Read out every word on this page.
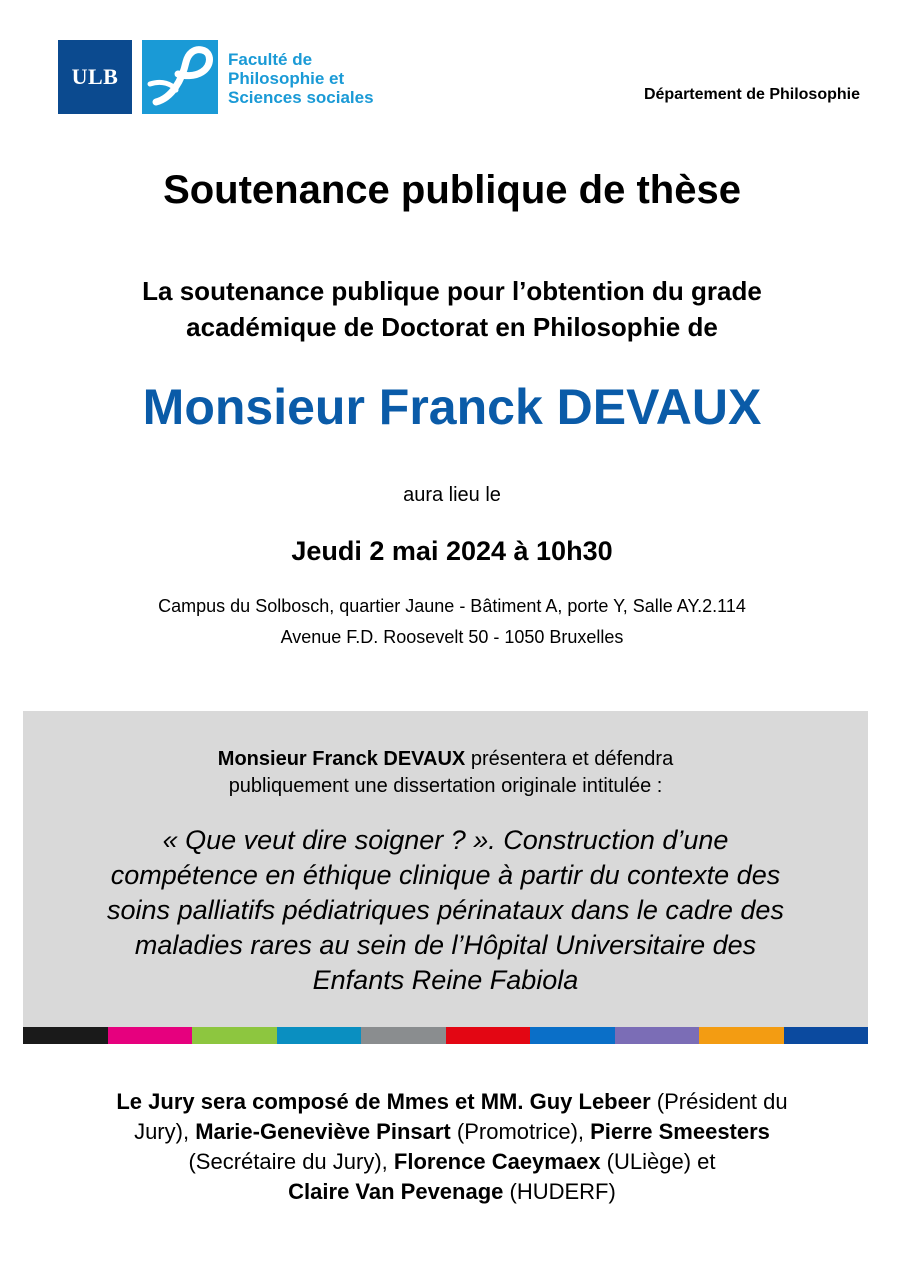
ULB
Faculté de
Philosophie et
Sciences sociales	Département de Philosophie
Soutenance publique de thèse
La soutenance publique pour l’obtention du grade
académique de Doctorat en Philosophie de
Monsieur Franck DEVAUX
aura lieu le
Jeudi 2 mai 2024 à 10h30
Campus du Solbosch, quartier Jaune - Bâtiment A, porte Y, Salle AY.2.114
Avenue F.D. Roosevelt 50 - 1050 Bruxelles
Monsieur Franck DEVAUX présentera et défendra
publiquement une dissertation originale intitulée :
« Que veut dire soigner ? ». Construction d’une
compétence en éthique clinique à partir du contexte des
soins palliatifs pédiatriques périnataux dans le cadre des
maladies rares au sein de l’Hôpital Universitaire des
Enfants Reine Fabiola
Le Jury sera composé de Mmes et MM. Guy Lebeer (Président du
Jury), Marie-Geneviève Pinsart (Promotrice), Pierre Smeesters
(Secrétaire du Jury), Florence Caeymaex (ULiège) et
Claire Van Pevenage (HUDERF)
